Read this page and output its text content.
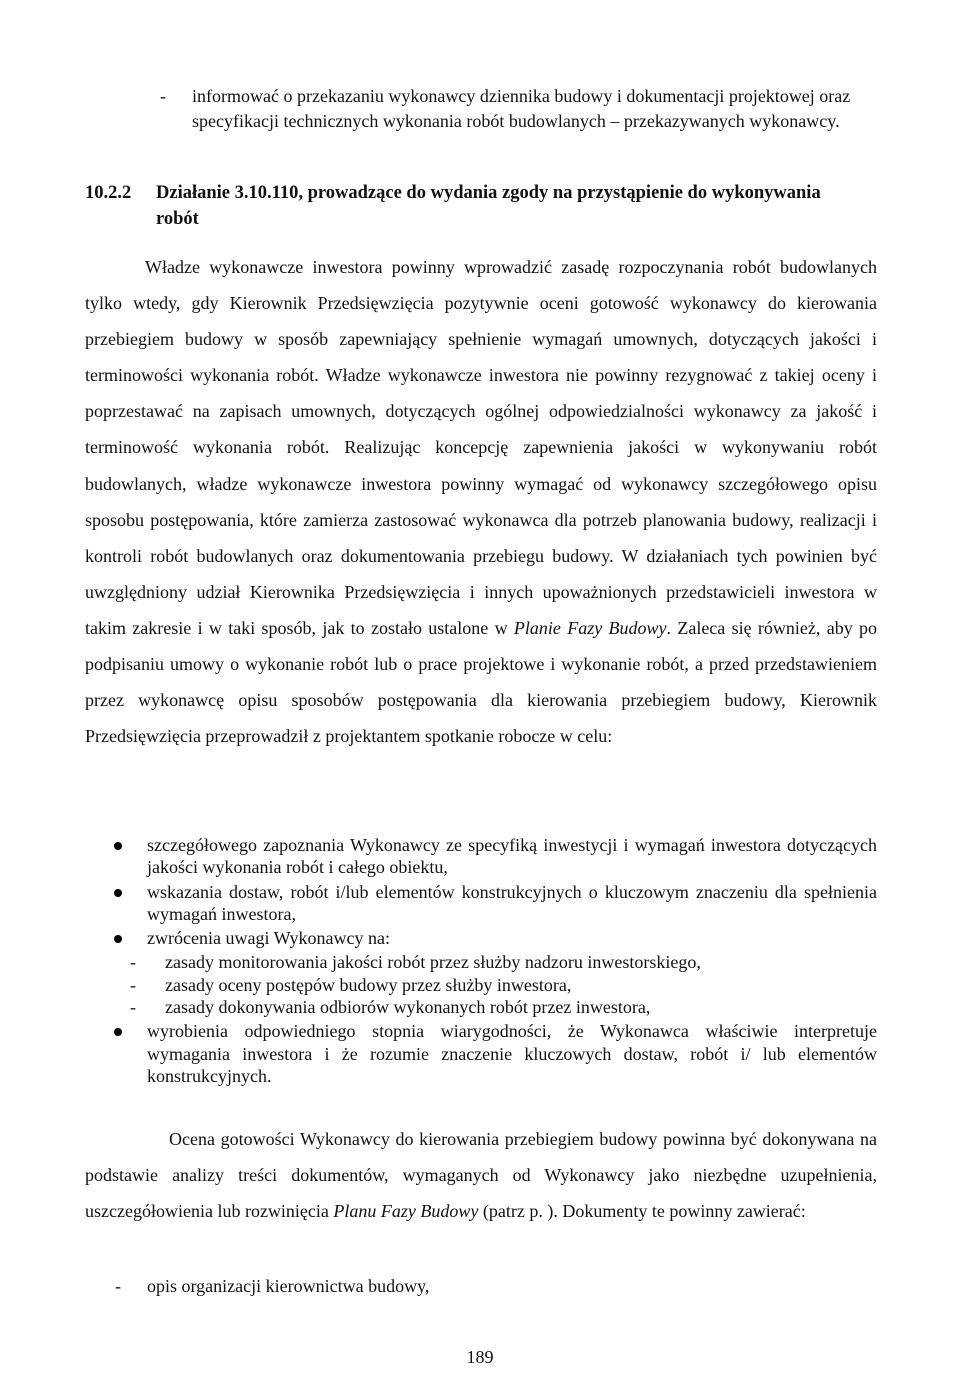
- informować o przekazaniu wykonawcy dziennika budowy i dokumentacji projektowej oraz specyfikacji technicznych wykonania robót budowlanych – przekazywanych wykonawcy.
10.2.2 Działanie 3.10.110, prowadzące do wydania zgody na przystąpienie do wykonywania robót

Władze wykonawcze inwestora powinny wprowadzić zasadę rozpoczynania robót budowlanych tylko wtedy, gdy Kierownik Przedsięwzięcia pozytywnie oceni gotowość wykonawcy do kierowania przebiegiem budowy w sposób zapewniający spełnienie wymagań umownych, dotyczących jakości i terminowości wykonania robót. Władze wykonawcze inwestora nie powinny rezygnować z takiej oceny i poprzestawać na zapisach umownych, dotyczących ogólnej odpowiedzialności wykonawcy za jakość i terminowość wykonania robót. Realizując koncepcję zapewnienia jakości w wykonywaniu robót budowlanych, władze wykonawcze inwestora powinny wymagać od wykonawcy szczegółowego opisu sposobu postępowania, które zamierza zastosować wykonawca dla potrzeb planowania budowy, realizacji i kontroli robót budowlanych oraz dokumentowania przebiegu budowy. W działaniach tych powinien być uwzględniony udział Kierownika Przedsięwzięcia i innych upoważnionych przedstawicieli inwestora w takim zakresie i w taki sposób, jak to zostało ustalone w Planie Fazy Budowy. Zaleca się również, aby po podpisaniu umowy o wykonanie robót lub o prace projektowe i wykonanie robót, a przed przedstawieniem przez wykonawcę opisu sposobów postępowania dla kierowania przebiegiem budowy, Kierownik Przedsięwzięcia przeprowadził z projektantem spotkanie robocze w celu:

szczegółowego zapoznania Wykonawcy ze specyfiką inwestycji i wymagań inwestora dotyczących jakości wykonania robót i całego obiektu,
wskazania dostaw, robót i/lub elementów konstrukcyjnych o kluczowym znaczeniu dla spełnienia wymagań inwestora,
zwrócenia uwagi Wykonawcy na:
- zasady monitorowania jakości robót przez służby nadzoru inwestorskiego,
- zasady oceny postępów budowy przez służby inwestora,
- zasady dokonywania odbiorów wykonanych robót przez inwestora,
wyrobienia odpowiedniego stopnia wiarygodności, że Wykonawca właściwie interpretuje wymagania inwestora i że rozumie znaczenie kluczowych dostaw, robót i/ lub elementów konstrukcyjnych.

Ocena gotowości Wykonawcy do kierowania przebiegiem budowy powinna być dokonywana na podstawie analizy treści dokumentów, wymaganych od Wykonawcy jako niezbędne uzupełnienia, uszczegółowienia lub rozwinięcia Planu Fazy Budowy (patrz p. ). Dokumenty te powinny zawierać:

- opis organizacji kierownictwa budowy,
189
